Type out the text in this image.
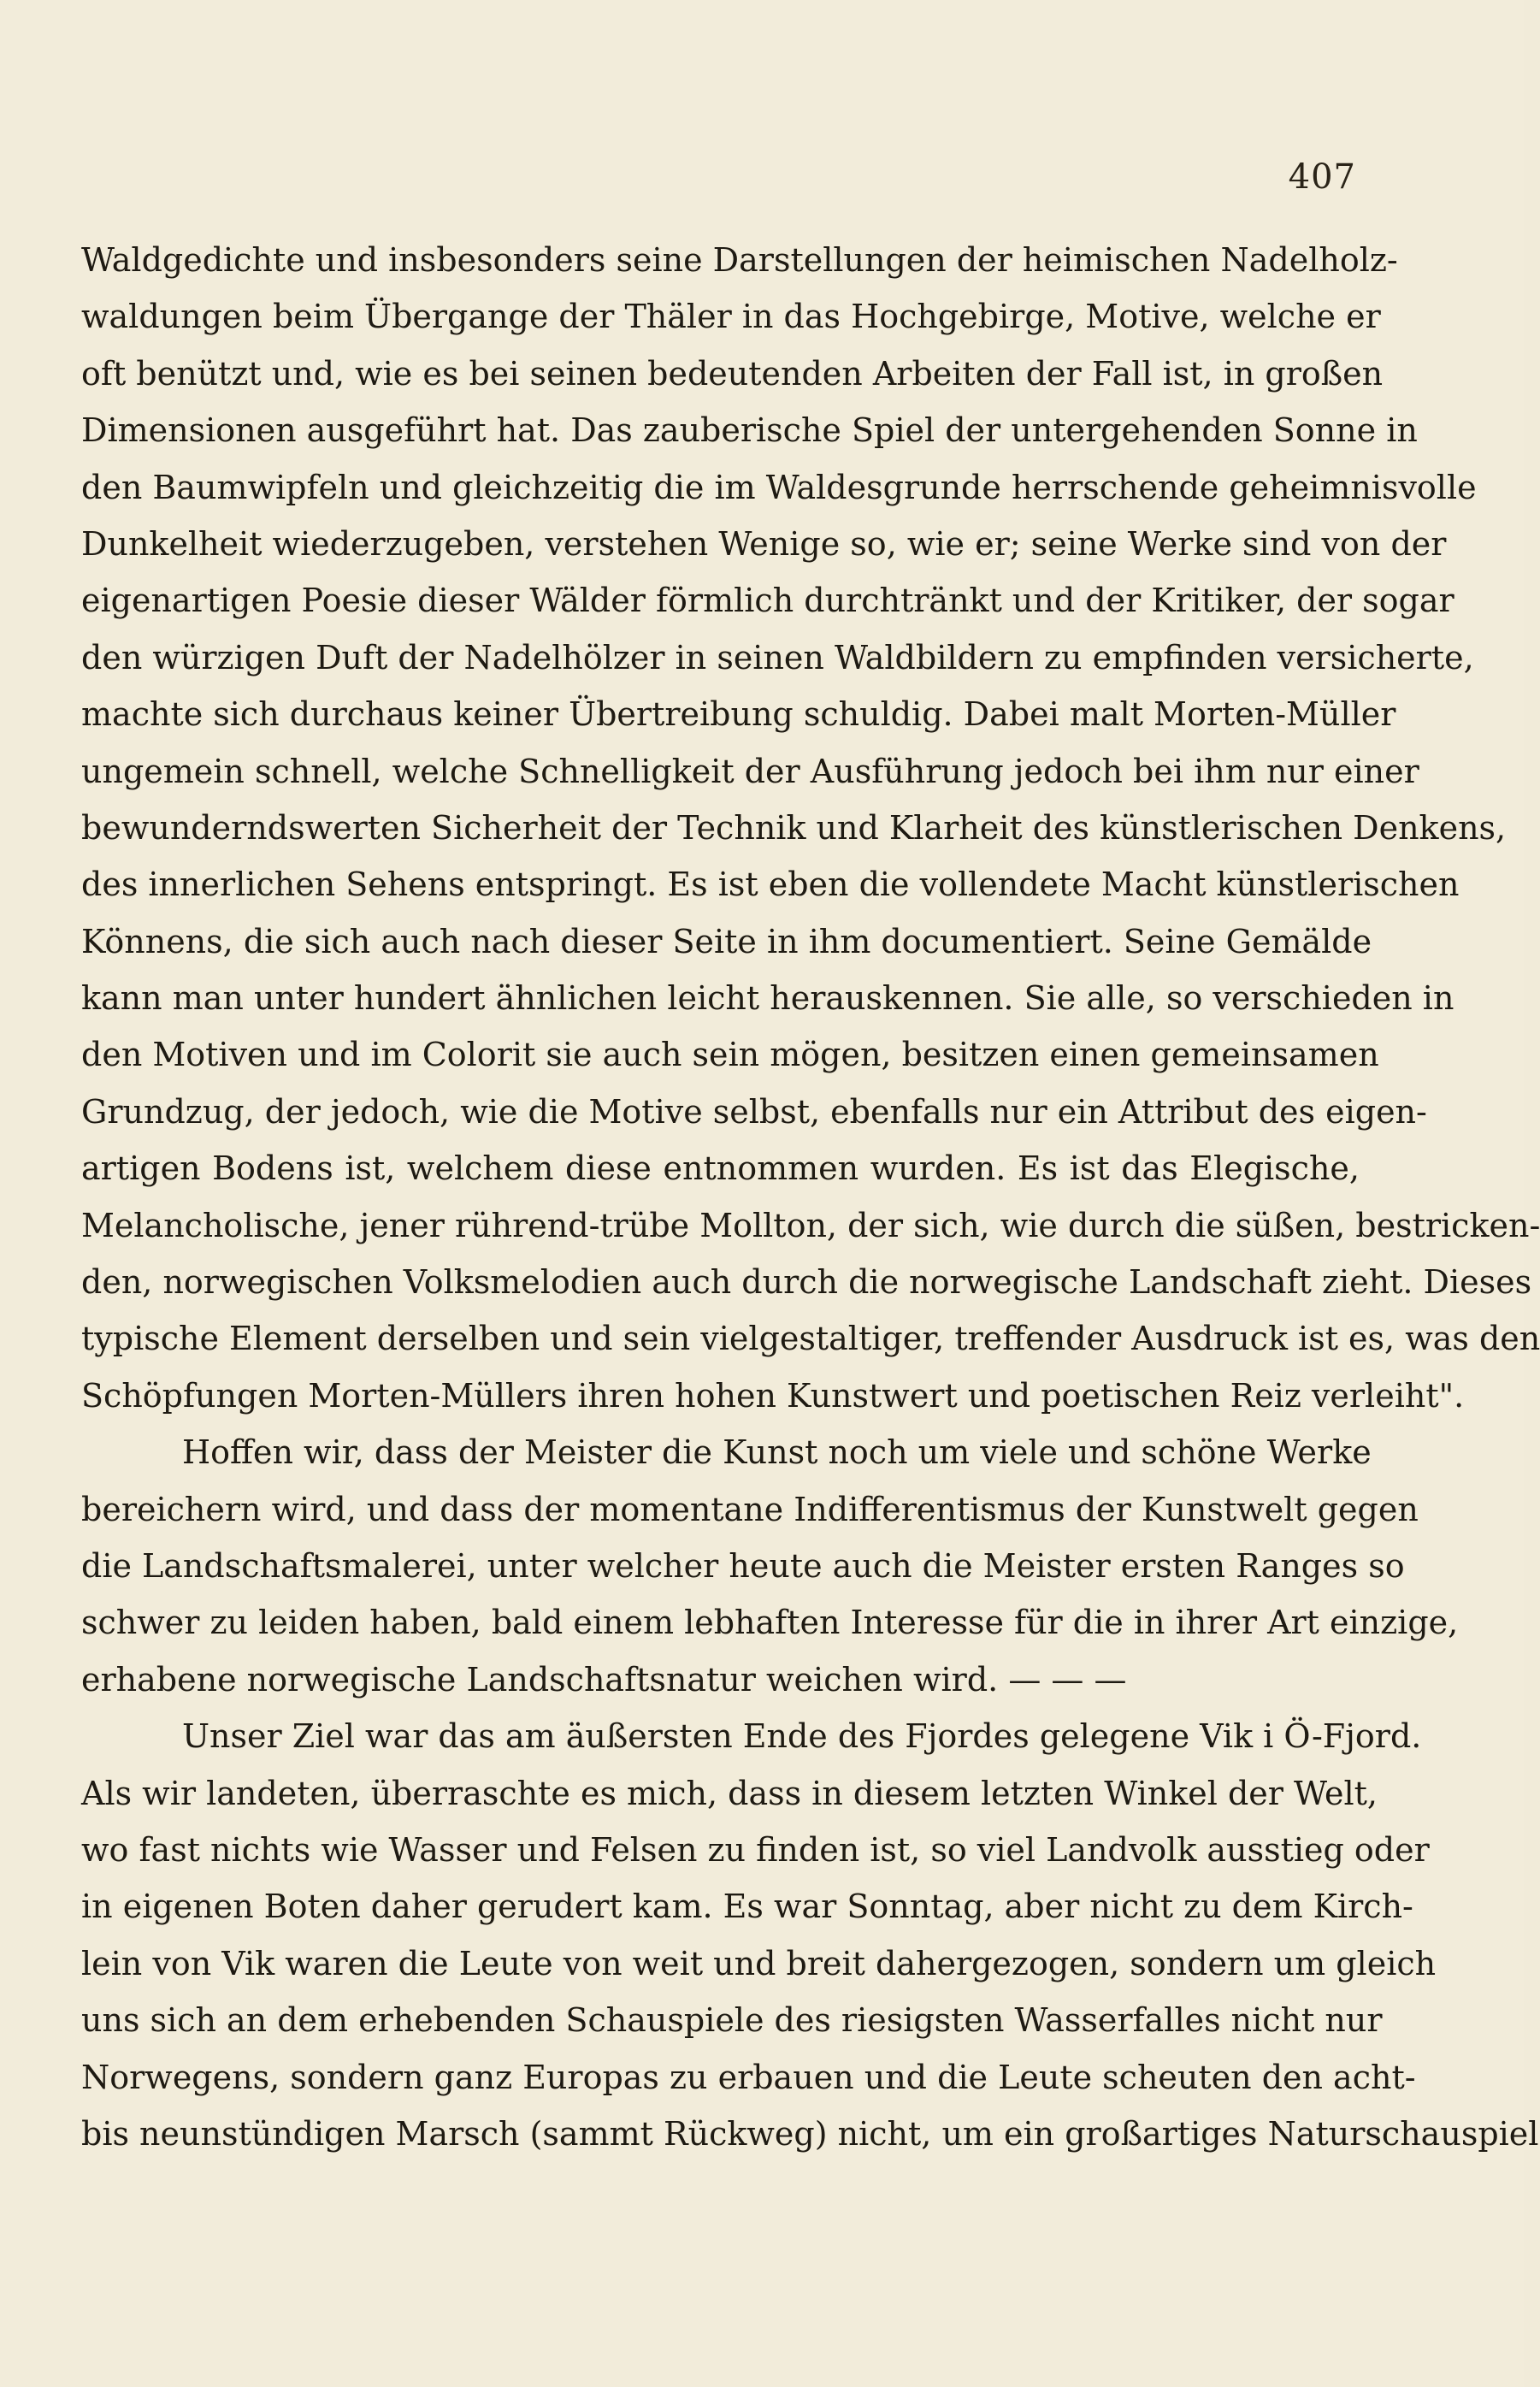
407
Waldgedichte und insbesonders seine Darstellungen der heimischen Nadelholz-
waldungen beim Übergange der Thäler in das Hochgebirge, Motive, welche er
oft benützt und, wie es bei seinen bedeutenden Arbeiten der Fall ist, in großen
Dimensionen ausgeführt hat. Das zauberische Spiel der untergehenden Sonne in
den Baumwipfeln und gleichzeitig die im Waldesgrunde herrschende geheimnisvolle
Dunkelheit wiederzugeben, verstehen Wenige so, wie er; seine Werke sind von der
eigenartigen Poesie dieser Wälder förmlich durchtränkt und der Kritiker, der sogar
den würzigen Duft der Nadelhölzer in seinen Waldbildern zu empfinden versicherte,
machte sich durchaus keiner Übertreibung schuldig. Dabei malt Morten-Müller
ungemein schnell, welche Schnelligkeit der Ausführung jedoch bei ihm nur einer
bewunderndswerten Sicherheit der Technik und Klarheit des künstlerischen Denkens,
des innerlichen Sehens entspringt. Es ist eben die vollendete Macht künstlerischen
Könnens, die sich auch nach dieser Seite in ihm documentiert. Seine Gemälde
kann man unter hundert ähnlichen leicht herauskennen. Sie alle, so verschieden in
den Motiven und im Colorit sie auch sein mögen, besitzen einen gemeinsamen
Grundzug, der jedoch, wie die Motive selbst, ebenfalls nur ein Attribut des eigen-
artigen Bodens ist, welchem diese entnommen wurden. Es ist das Elegische,
Melancholische, jener rührend-trübe Mollton, der sich, wie durch die süßen, bestricken-
den, norwegischen Volksmelodien auch durch die norwegische Landschaft zieht. Dieses
typische Element derselben und sein vielgestaltiger, treffender Ausdruck ist es, was den
Schöpfungen Morten-Müllers ihren hohen Kunstwert und poetischen Reiz verleiht".
Hoffen wir, dass der Meister die Kunst noch um viele und schöne Werke
bereichern wird, und dass der momentane Indifferentismus der Kunstwelt gegen
die Landschaftsmalerei, unter welcher heute auch die Meister ersten Ranges so
schwer zu leiden haben, bald einem lebhaften Interesse für die in ihrer Art einzige,
erhabene norwegische Landschaftsnatur weichen wird. — — —
Unser Ziel war das am äußersten Ende des Fjordes gelegene Vik i Ö-Fjord.
Als wir landeten, überraschte es mich, dass in diesem letzten Winkel der Welt,
wo fast nichts wie Wasser und Felsen zu finden ist, so viel Landvolk ausstieg oder
in eigenen Boten daher gerudert kam. Es war Sonntag, aber nicht zu dem Kirch-
lein von Vik waren die Leute von weit und breit dahergezogen, sondern um gleich
uns sich an dem erhebenden Schauspiele des riesigsten Wasserfalles nicht nur
Norwegens, sondern ganz Europas zu erbauen und die Leute scheuten den acht-
bis neunstündigen Marsch (sammt Rückweg) nicht, um ein großartiges Naturschauspiel
